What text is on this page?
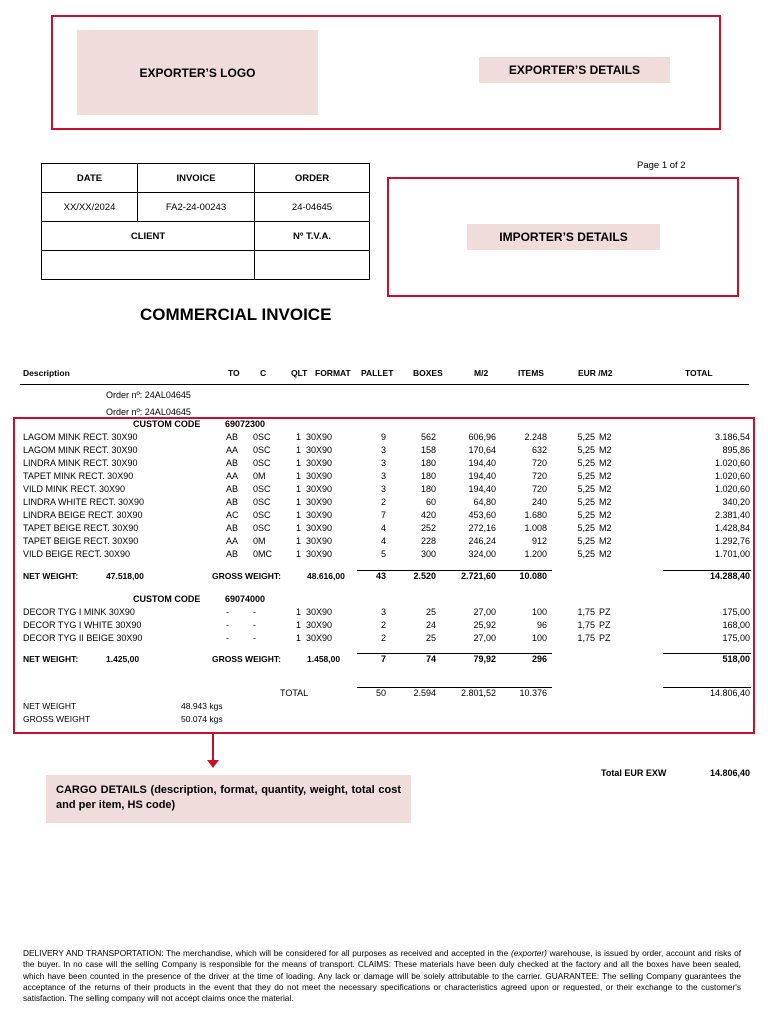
EXPORTER’S LOGO	EXPORTER’S DETAILS
DATE	INVOICE	ORDER
XX/XX/2024	FA2-24-00243	24-04645
CLIENT		Nº T.V.A.

Page 1 of 2
IMPORTER’S DETAILS
COMMERCIAL INVOICE
Description	TO C	QLT FORMAT PALLET BOXES	M/2	ITEMS	EUR /M2	TOTAL
Order nº: 24AL04645
Order nº: 24AL04645
CUSTOM CODE	69072300
LAGOM MINK RECT. 30X90	AB	0SC	1 30X90	9	562	606,96	2.248	5,25 M2	3.186,54
LAGOM MINK RECT. 30X90	AA	0SC	1 30X90	3	158	170,64	632	5,25 M2	895,86
LINDRA MINK RECT. 30X90	AB	0SC	1 30X90	3	180	194,40	720	5,25 M2	1.020,60
TAPET MINK RECT. 30X90	AA	0M	1 30X90	3	180	194,40	720	5,25 M2	1.020,60
VILD MINK RECT. 30X90	AB	0SC	1 30X90	3	180	194,40	720	5,25 M2	1.020,60
LINDRA WHITE RECT. 30X90	AB	0SC	1 30X90	2	60	64,80	240	5,25 M2	340,20
LINDRA BEIGE RECT. 30X90	AC	0SC	1 30X90	7	420	453,60	1.680	5,25 M2	2.381,40
TAPET BEIGE RECT. 30X90	AB	0SC	1 30X90	4	252	272,16	1.008	5,25 M2	1.428,84
TAPET BEIGE RECT. 30X90	AA	0M	1 30X90	4	228	246,24	912	5,25 M2	1.292,76
VILD BEIGE RECT. 30X90	AB	0MC	1 30X90	5	300	324,00	1.200	5,25 M2	1.701,00
NET WEIGHT:	47.518,00	GROSS WEIGHT:	48.616,00	43	2.520	2.721,60	10.080	14.288,40
CUSTOM CODE	69074000
DECOR TYG I MINK 30X90	-	-	1 30X90	3	25	27,00	100	1,75 PZ	175,00
DECOR TYG I WHITE 30X90	-	-	1 30X90	2	24	25,92	96	1,75 PZ	168,00
DECOR TYG II BEIGE 30X90	-	-	1 30X90	2	25	27,00	100	1,75 PZ	175,00
NET WEIGHT:	1.425,00	GROSS WEIGHT:	1.458,00	7	74	79,92	296	518,00
TOTAL	50	2.594	2.801,52	10.376	14.806,40
NET WEIGHT	48.943 kgs
GROSS WEIGHT	50.074 kgs
CARGO DETAILS (description, format, quantity, weight, total cost and per item, HS code)
Total EUR EXW	14.806,40
DELIVERY AND TRANSPORTATION: The merchandise, which will be considered for all purposes as received and accepted in the (exporter) warehouse, is issued by order, account and risks of the buyer. In no case will the selling Company is responsible for the means of transport. CLAIMS: These materials have been duly checked at the factory and all the boxes have been sealed, which have been counted in the presence of the driver at the time of loading. Any lack or damage will be solely attributable to the carrier. GUARANTEE: The selling Company guarantees the acceptance of the returns of their products in the event that they do not meet the necessary specifications or characteristics agreed upon or requested, or their exchange to the customer's satisfaction. The selling company will not accept claims once the material.
